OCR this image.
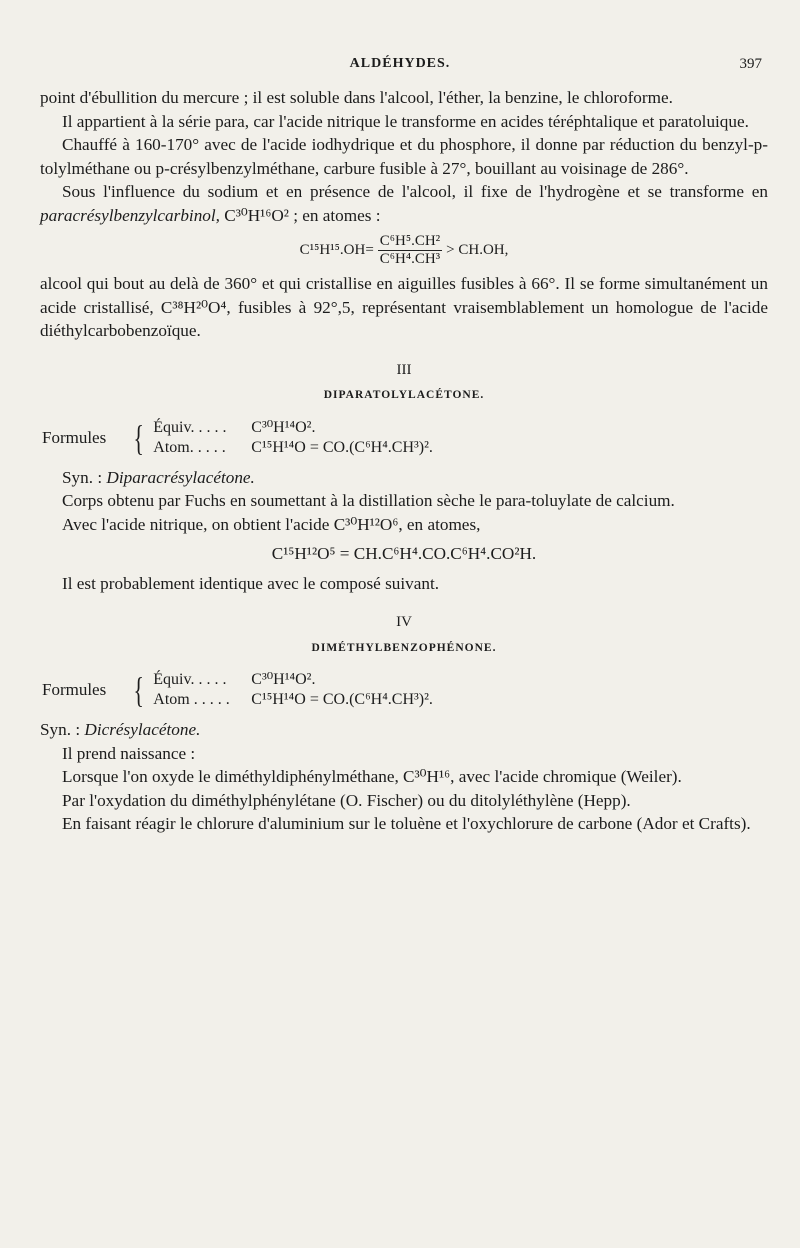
ALDÉHYDES.	397

point d'ébullition du mercure ; il est soluble dans l'alcool, l'éther, la benzine, le chloroforme.

Il appartient à la série para, car l'acide nitrique le transforme en acides téréphtalique et paratoluique.

Chauffé à 160-170° avec de l'acide iodhydrique et du phosphore, il donne par réduction du benzyl-p-tolylméthane ou p-crésylbenzylméthane, carbure fusible à 27°, bouillant au voisinage de 286°.

Sous l'influence du sodium et en présence de l'alcool, il fixe de l'hydrogène et se transforme en paracrésylbenzylcarbinol, C³⁰H¹⁶O² ; en atomes :

$C^{15}H^{15}.OH= \frac{\text{C⁶H⁵.CH²}}{\text{C⁶H⁴.CH³}} > CH.OH$,

alcool qui bout au delà de 360° et qui cristallise en aiguilles fusibles à 66°. Il se forme simultanément un acide cristallisé, C³⁸H²⁰O⁴, fusibles à 92°,5, représentant vraisemblablement un homologue de l'acide diéthylcarbobenzoïque.

III
DIPARATOLYLACÉTONE.
Formules { Équiv. . . . .	C³⁰H¹⁴O².
Atom. . . . .	C¹⁵H¹⁴O = CO.(C⁶H⁴.CH³)².

Syn. : Diparacrésylacétone.

Corps obtenu par Fuchs en soumettant à la distillation sèche le para-toluylate de calcium.

Avec l'acide nitrique, on obtient l'acide C³⁰H¹²O⁶, en atomes,

C¹⁵H¹²O⁵ = CH.C⁶H⁴.CO.C⁶H⁴.CO²H.

Il est probablement identique avec le composé suivant.

IV
DIMÉTHYLBENZOPHÉNONE.
Formules { Équiv. . . . .	C³⁰H¹⁴O².
Atom . . . . .	C¹⁵H¹⁴O = CO.(C⁶H⁴.CH³)².

Syn. : Dicrésylacétone.

Il prend naissance :

Lorsque l'on oxyde le diméthyldiphénylméthane, C³⁰H¹⁶, avec l'acide chromique (Weiler).

Par l'oxydation du diméthylphénylétane (O. Fischer) ou du ditolyléthylène (Hepp).

En faisant réagir le chlorure d'aluminium sur le toluène et l'oxychlorure de carbone (Ador et Crafts).
